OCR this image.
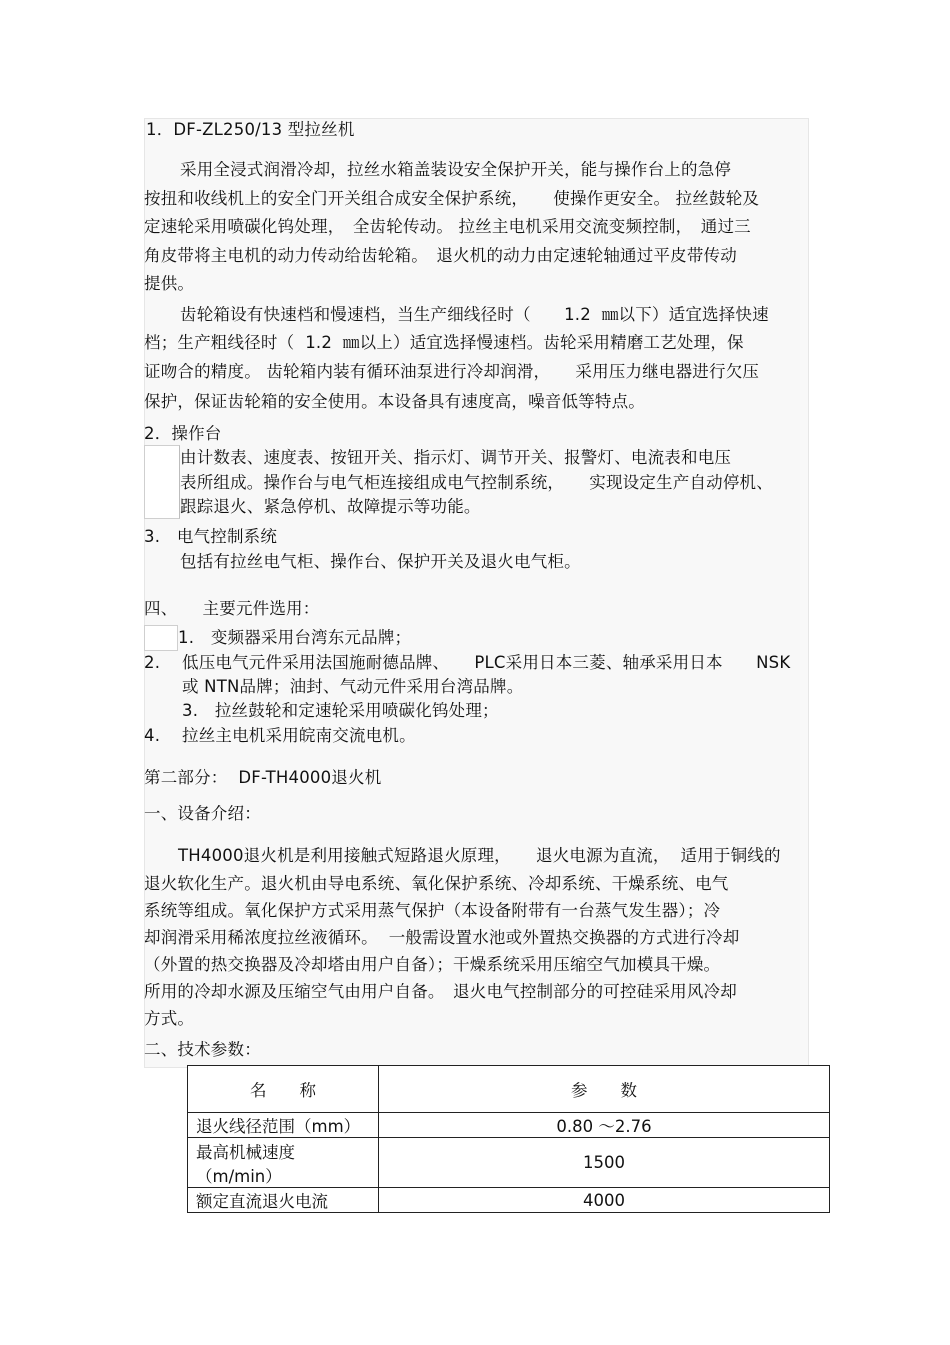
1．DF-ZL250/13 型拉丝机
采用全浸式润滑冷却，拉丝水箱盖装设安全保护开关，能与操作台上的急停
按扭和收线机上的安全门开关组合成安全保护系统，　　使操作更安全。 拉丝鼓轮及
定速轮采用喷碳化钨处理，　全齿轮传动。 拉丝主电机采用交流变频控制，　通过三
角皮带将主电机的动力传动给齿轮箱。　退火机的动力由定速轮轴通过平皮带传动
提供。
齿轮箱设有快速档和慢速档，当生产细线径时（　　1.2  ㎜以下）适宜选择快速
档；生产粗线径时（  1.2  ㎜以上）适宜选择慢速档。齿轮采用精磨工艺处理，保
证吻合的精度。 齿轮箱内装有循环油泵进行冷却润滑，　　采用压力继电器进行欠压
保护，保证齿轮箱的安全使用。本设备具有速度高，噪音低等特点。
2．操作台
由计数表、速度表、按钮开关、指示灯、调节开关、报警灯、电流表和电压
表所组成。操作台与电气柜连接组成电气控制系统，　　实现设定生产自动停机、
跟踪退火、紧急停机、故障提示等功能。
3.　电气控制系统
包括有拉丝电气柜、操作台、保护开关及退火电气柜。
四、　　主要元件选用：
1.　变频器采用台湾东元品牌；
2. 低压电气元件采用法国施耐德品牌、　　PLC采用日本三菱、轴承采用日本　　NSK
或 NTN品牌；油封、气动元件采用台湾品牌。
3.　拉丝鼓轮和定速轮采用喷碳化钨处理；
4. 拉丝主电机采用皖南交流电机。
第二部分：  DF-TH4000退火机
一、设备介绍：
TH4000退火机是利用接触式短路退火原理，　　退火电源为直流，  适用于铜线的
退火软化生产。退火机由导电系统、氧化保护系统、冷却系统、干燥系统、电气
系统等组成。氧化保护方式采用蒸气保护（本设备附带有一台蒸气发生器）；冷
却润滑采用稀浓度拉丝液循环。  一般需设置水池或外置热交换器的方式进行冷却
（外置的热交换器及冷却塔由用户自备）；干燥系统采用压缩空气加模具干燥。
所用的冷却水源及压缩空气由用户自备。　退火电气控制部分的可控硅采用风冷却
方式。
二、技术参数：
名　　称	参　　数
退火线径范围（mm）	0.80 ～2.76

最高机械速度
（m/min）	1500
额定直流退火电流	4000
